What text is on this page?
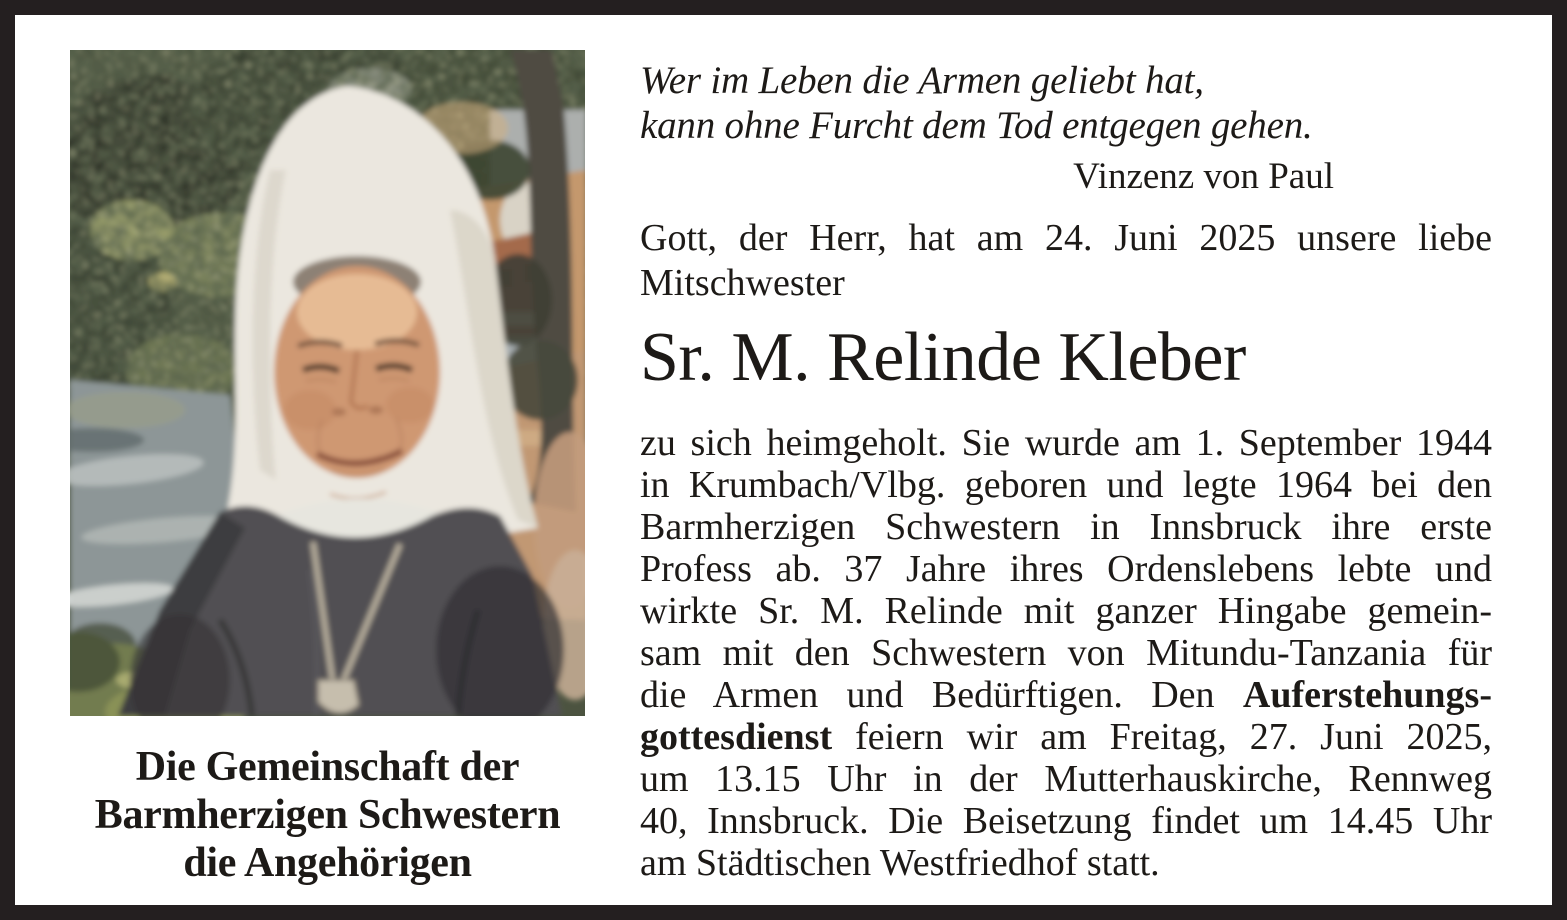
Die Gemeinschaft der
Barmherzigen Schwestern
die Angehörigen
Wer im Leben die Armen geliebt hat,
kann ohne Furcht dem Tod entgegen gehen.
Vinzenz von Paul
Gott, der Herr, hat am 24. Juni 2025 unsere liebe
Mitschwester
Sr. M. Relinde Kleber
zu sich heimgeholt. Sie wurde am 1. September 1944
in Krumbach/Vlbg. geboren und legte 1964 bei den
Barmherzigen Schwestern in Innsbruck ihre erste
Profess ab. 37 Jahre ihres Ordenslebens lebte und
wirkte Sr. M. Relinde mit ganzer Hingabe gemein-
sam mit den Schwestern von Mitundu-Tanzania für
die Armen und Bedürftigen. Den Auferstehungs-
gottesdienst feiern wir am Freitag, 27. Juni 2025,
um 13.15 Uhr in der Mutterhauskirche, Rennweg
40, Innsbruck. Die Beisetzung findet um 14.45 Uhr
am Städtischen Westfriedhof statt.
